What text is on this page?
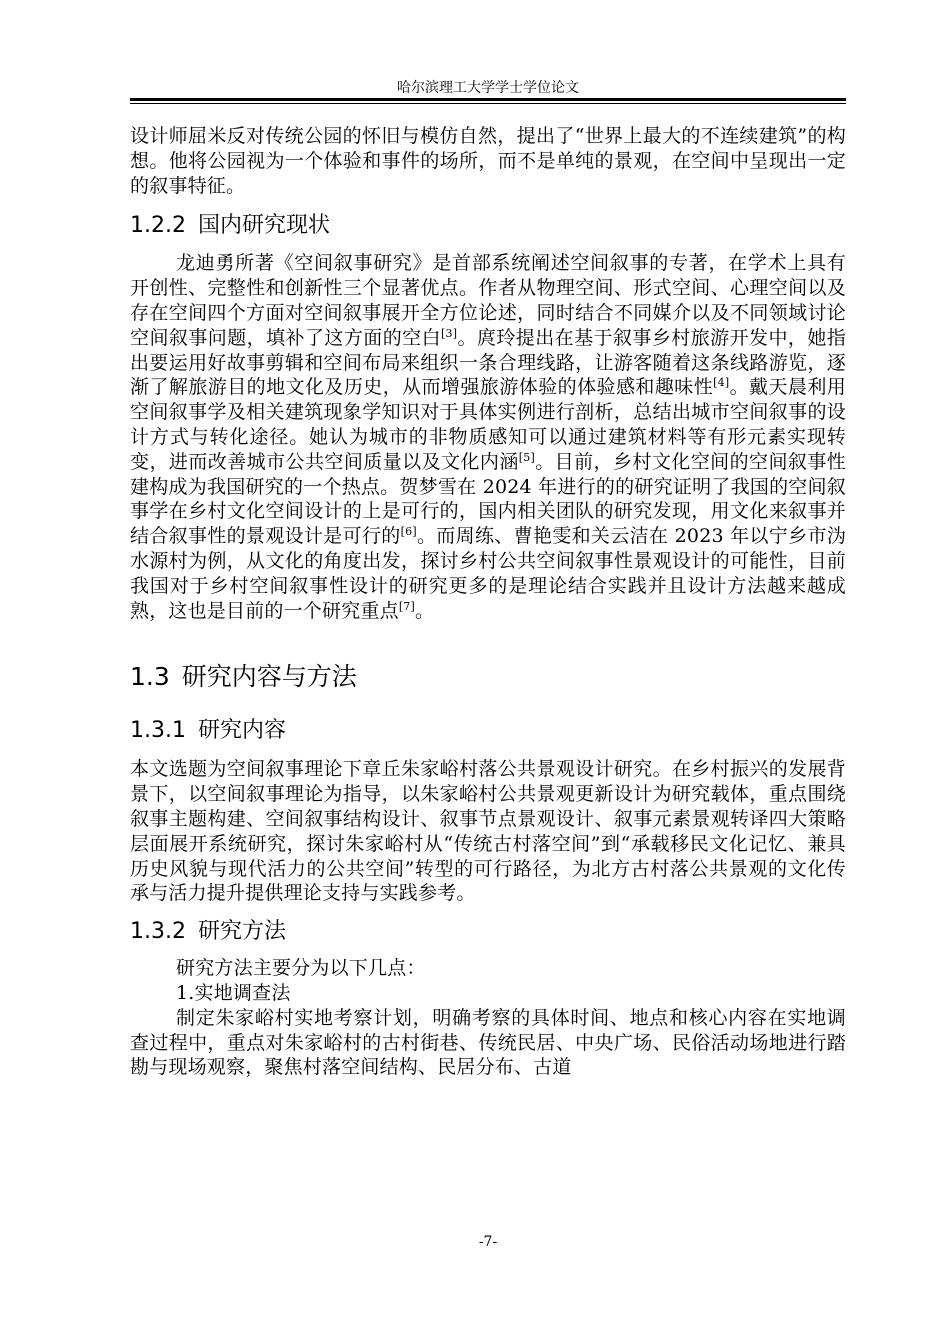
哈尔滨理工大学学士学位论文

设计师屈米反对传统公园的怀旧与模仿自然，提出了“世界上最大的不连续建筑”的构想。他将公园视为一个体验和事件的场所，而不是单纯的景观，在空间中呈现出一定的叙事特征。

1.2.2 国内研究现状

龙迪勇所著《空间叙事研究》是首部系统阐述空间叙事的专著，在学术上具有开创性、完整性和创新性三个显著优点。作者从物理空间、形式空间、心理空间以及存在空间四个方面对空间叙事展开全方位论述，同时结合不同媒介以及不同领域讨论空间叙事问题，填补了这方面的空白[3]。庹玲提出在基于叙事乡村旅游开发中，她指出要运用好故事剪辑和空间布局来组织一条合理线路，让游客随着这条线路游览，逐渐了解旅游目的地文化及历史，从而增强旅游体验的体验感和趣味性[4]。戴天晨利用空间叙事学及相关建筑现象学知识对于具体实例进行剖析，总结出城市空间叙事的设计方式与转化途径。她认为城市的非物质感知可以通过建筑材料等有形元素实现转变，进而改善城市公共空间质量以及文化内涵[5]。目前，乡村文化空间的空间叙事性建构成为我国研究的一个热点。贺梦雪在 2024 年进行的的研究证明了我国的空间叙事学在乡村文化空间设计的上是可行的，国内相关团队的研究发现，用文化来叙事并结合叙事性的景观设计是可行的[6]。而周练、曹艳雯和关云洁在 2023 年以宁乡市沩水源村为例，从文化的角度出发，探讨乡村公共空间叙事性景观设计的可能性，目前我国对于乡村空间叙事性设计的研究更多的是理论结合实践并且设计方法越来越成熟，这也是目前的一个研究重点[7]。

1.3 研究内容与方法
1.3.1 研究内容

本文选题为空间叙事理论下章丘朱家峪村落公共景观设计研究。在乡村振兴的发展背景下，以空间叙事理论为指导，以朱家峪村公共景观更新设计为研究载体，重点围绕叙事主题构建、空间叙事结构设计、叙事节点景观设计、叙事元素景观转译四大策略层面展开系统研究，探讨朱家峪村从“传统古村落空间”到“承载移民文化记忆、兼具历史风貌与现代活力的公共空间”转型的可行路径，为北方古村落公共景观的文化传承与活力提升提供理论支持与实践参考。

1.3.2 研究方法

研究方法主要分为以下几点：

1.实地调查法

制定朱家峪村实地考察计划，明确考察的具体时间、地点和核心内容在实地调查过程中，重点对朱家峪村的古村街巷、传统民居、中央广场、民俗活动场地进行踏勘与现场观察，聚焦村落空间结构、民居分布、古道

-7-
